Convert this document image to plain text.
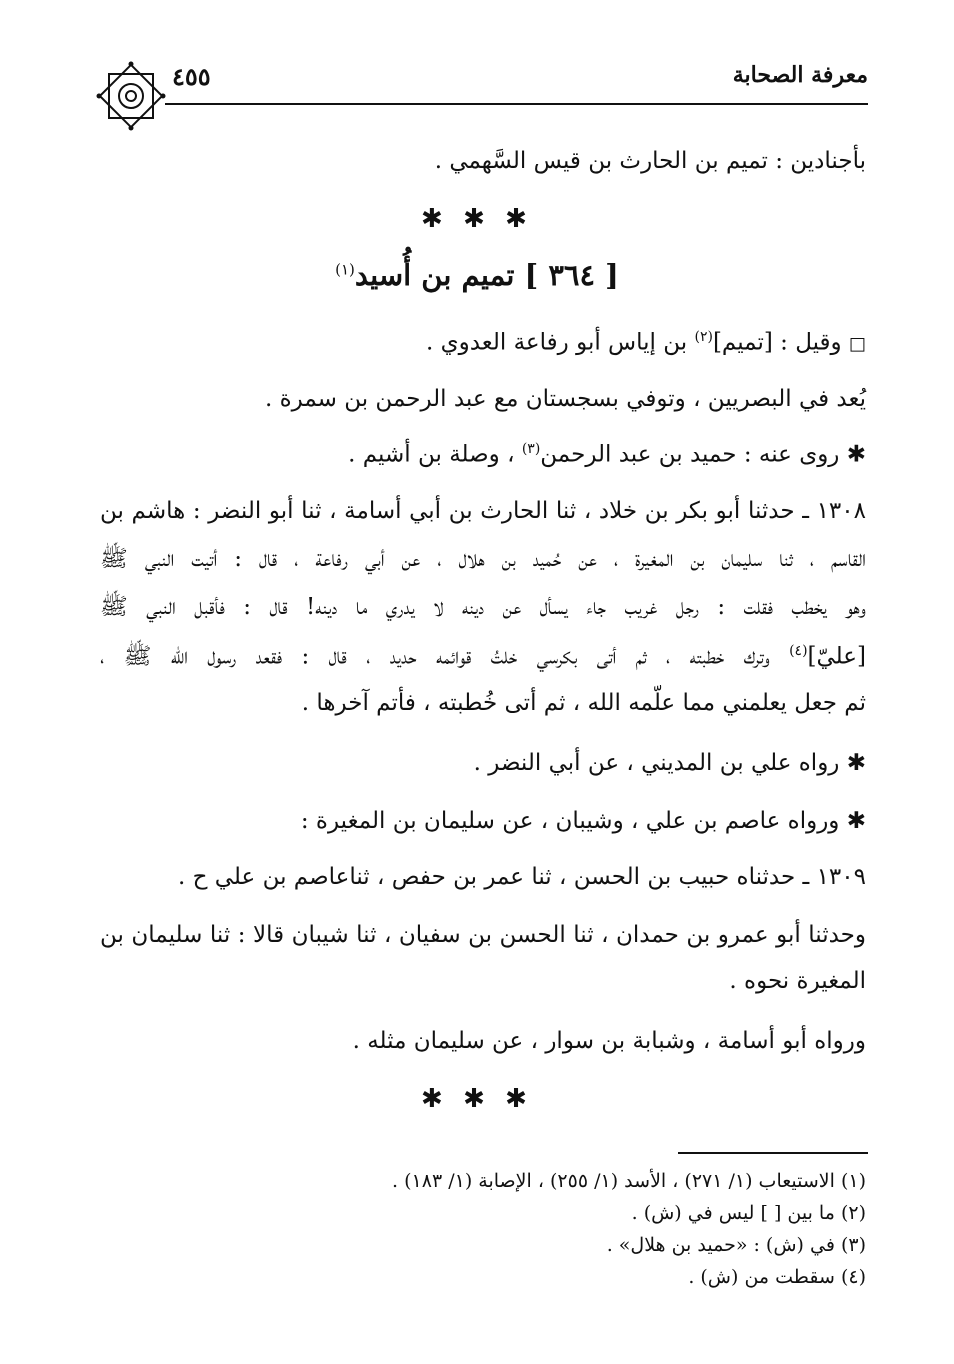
معرفة الصحابة
٤٥٥
بأجنادين : تميم بن الحارث بن قيس السَّهمي .
✱ ✱ ✱
[ ٣٦٤ ] تميم بن أُسيد$^{(١)}$
□ وقيل : [تميم]$^{(٢)}$ بن إياس أبو رفاعة العدوي .
يُعد في البصريين ، وتوفي بسجستان مع عبد الرحمن بن سمرة .
✱ روى عنه : حميد بن عبد الرحمن$^{(٣)}$ ، وصلة بن أشيم .
١٣٠٨ ـ حدثنا أبو بكر بن خلاد ، ثنا الحارث بن أبي أسامة ، ثنا أبو النضر : هاشم بن
القاسم ، ثنا سليمان بن المغيرة ، عن حُميد بن هلال ، عن أبي رفاعة ، قال : أتيت النبي ﷺ
وهو يخطب فقلت : رجل غريب جاء يسأل عن دينه لا يدري ما دينه! قال : فأقبل النبي ﷺ
[عليّ]$^{(٤)}$ وترك خطبته ، ثم أتى بكرسي خلتُ قوائمه حديد ، قال : فقعد رسول الله ﷺ ،
ثم جعل يعلمني مما علّمه الله ، ثم أتى خُطبته ، فأتم آخرها .
✱ رواه علي بن المديني ، عن أبي النضر .
✱ ورواه عاصم بن علي ، وشيبان ، عن سليمان بن المغيرة :
١٣٠٩ ـ حدثناه حبيب بن الحسن ، ثنا عمر بن حفص ، ثناعاصم بن علي ح .
وحدثنا أبو عمرو بن حمدان ، ثنا الحسن بن سفيان ، ثنا شيبان قالا : ثنا سليمان بن
المغيرة نحوه .
ورواه أبو أسامة ، وشبابة بن سوار ، عن سليمان مثله .
✱ ✱ ✱
(١) الاستيعاب (١/ ٢٧١) ، الأسد (١/ ٢٥٥) ، الإصابة (١/ ١٨٣) .
(٢) ما بين [ ] ليس في (ش) .
(٣) في (ش) : «حميد بن هلال» .
(٤) سقطت من (ش) .
